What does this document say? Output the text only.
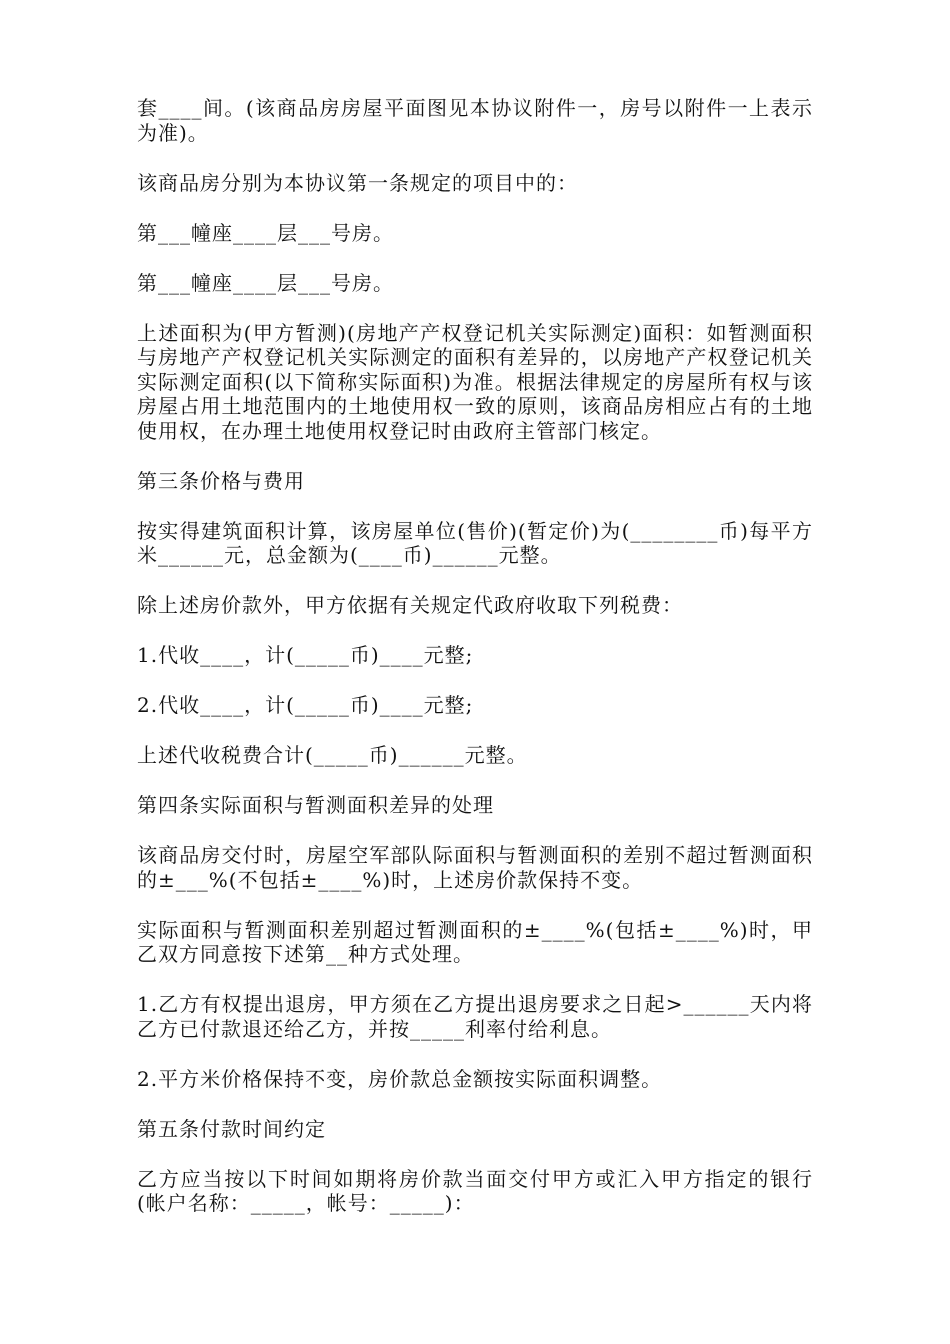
套____间。(该商品房房屋平面图见本协议附件一，房号以附件一上表示为准)。

该商品房分别为本协议第一条规定的项目中的：

第___幢座____层___号房。

第___幢座____层___号房。

上述面积为(甲方暂测)(房地产产权登记机关实际测定)面积：如暂测面积与房地产产权登记机关实际测定的面积有差异的，以房地产产权登记机关实际测定面积(以下简称实际面积)为准。根据法律规定的房屋所有权与该房屋占用土地范围内的土地使用权一致的原则，该商品房相应占有的土地使用权，在办理土地使用权登记时由政府主管部门核定。

第三条价格与费用

按实得建筑面积计算，该房屋单位(售价)(暂定价)为(________币)每平方米______元，总金额为(____币)______元整。

除上述房价款外，甲方依据有关规定代政府收取下列税费：

1.代收____，计(_____币)____元整;

2.代收____，计(_____币)____元整;

上述代收税费合计(_____币)______元整。

第四条实际面积与暂测面积差异的处理

该商品房交付时，房屋空军部队际面积与暂测面积的差别不超过暂测面积的±___%(不包括±____%)时，上述房价款保持不变。

实际面积与暂测面积差别超过暂测面积的±____%(包括±____%)时，甲乙双方同意按下述第__种方式处理。

1.乙方有权提出退房，甲方须在乙方提出退房要求之日起>______天内将乙方已付款退还给乙方，并按_____利率付给利息。

2.平方米价格保持不变，房价款总金额按实际面积调整。

第五条付款时间约定

乙方应当按以下时间如期将房价款当面交付甲方或汇入甲方指定的银行(帐户名称：_____，帐号：_____)：
